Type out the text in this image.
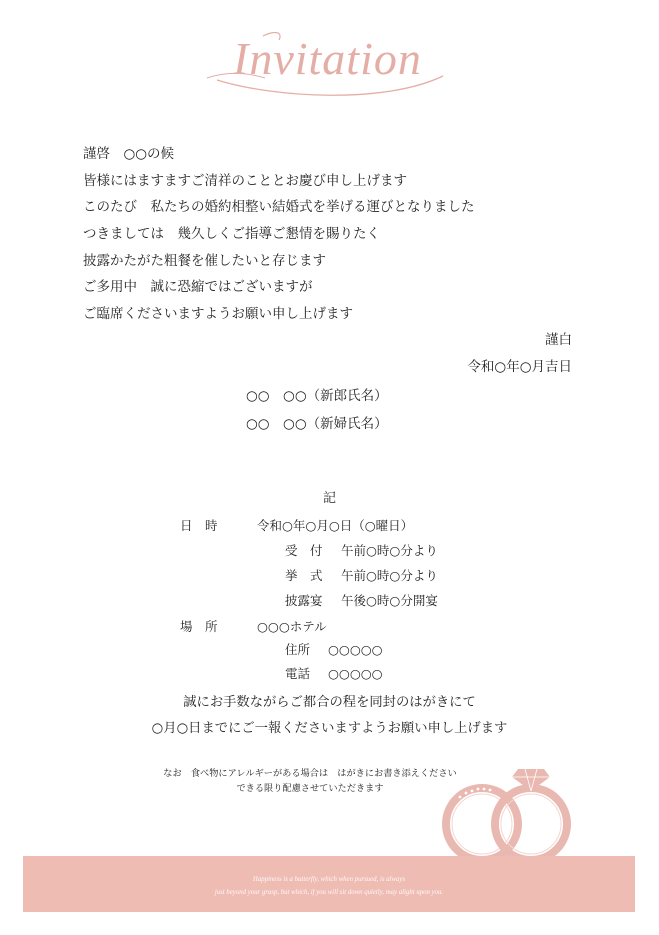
Invitation
謹啓　○○の候
皆様にはますますご清祥のこととお慶び申し上げます
このたび　私たちの婚約相整い結婚式を挙げる運びとなりました
つきましては　幾久しくご指導ご懇情を賜りたく
披露かたがた粗餐を催したいと存じます
ご多用中　誠に恐縮ではございますが
ご臨席くださいますようお願い申し上げます
謹白
令和○年○月吉日
○○　○○（新郎氏名）
○○　○○（新婦氏名）
記
日　時	令和○年○月○日（○曜日）
受　付 午前○時○分より
挙　式 午前○時○分より
披露宴 午後○時○分開宴
場　所	○○○ホテル
住所 ○○○○○
電話 ○○○○○
誠にお手数ながらご都合の程を同封のはがきにて
○月○日までにご一報くださいますようお願い申し上げます
なお　食べ物にアレルギーがある場合は　はがきにお書き添えください
できる限り配慮させていただきます
Happiness is a butterfly, which when pursued, is always
just beyond your grasp, but which, if you will sit down quietly, may alight upon you.
